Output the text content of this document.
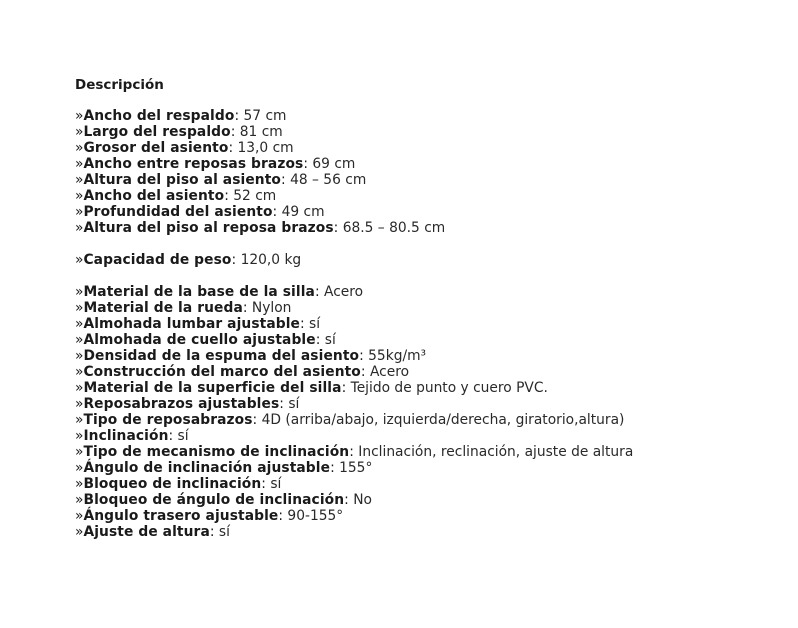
Descripción
»Ancho del respaldo: 57 cm
»Largo del respaldo: 81 cm
»Grosor del asiento: 13,0 cm
»Ancho entre reposas brazos: 69 cm
»Altura del piso al asiento: 48 – 56 cm
»Ancho del asiento: 52 cm
»Profundidad del asiento: 49 cm
»Altura del piso al reposa brazos: 68.5 – 80.5 cm
»Capacidad de peso: 120,0 kg
»Material de la base de la silla: Acero
»Material de la rueda: Nylon
»Almohada lumbar ajustable: sí
»Almohada de cuello ajustable: sí
»Densidad de la espuma del asiento: 55kg/m³
»Construcción del marco del asiento: Acero
»Material de la superficie del silla: Tejido de punto y cuero PVC.
»Reposabrazos ajustables: sí
»Tipo de reposabrazos: 4D (arriba/abajo, izquierda/derecha, giratorio,altura)
»Inclinación: sí
»Tipo de mecanismo de inclinación: Inclinación, reclinación, ajuste de altura
»Ángulo de inclinación ajustable: 155°
»Bloqueo de inclinación: sí
»Bloqueo de ángulo de inclinación: No
»Ángulo trasero ajustable: 90-155°
»Ajuste de altura: sí
